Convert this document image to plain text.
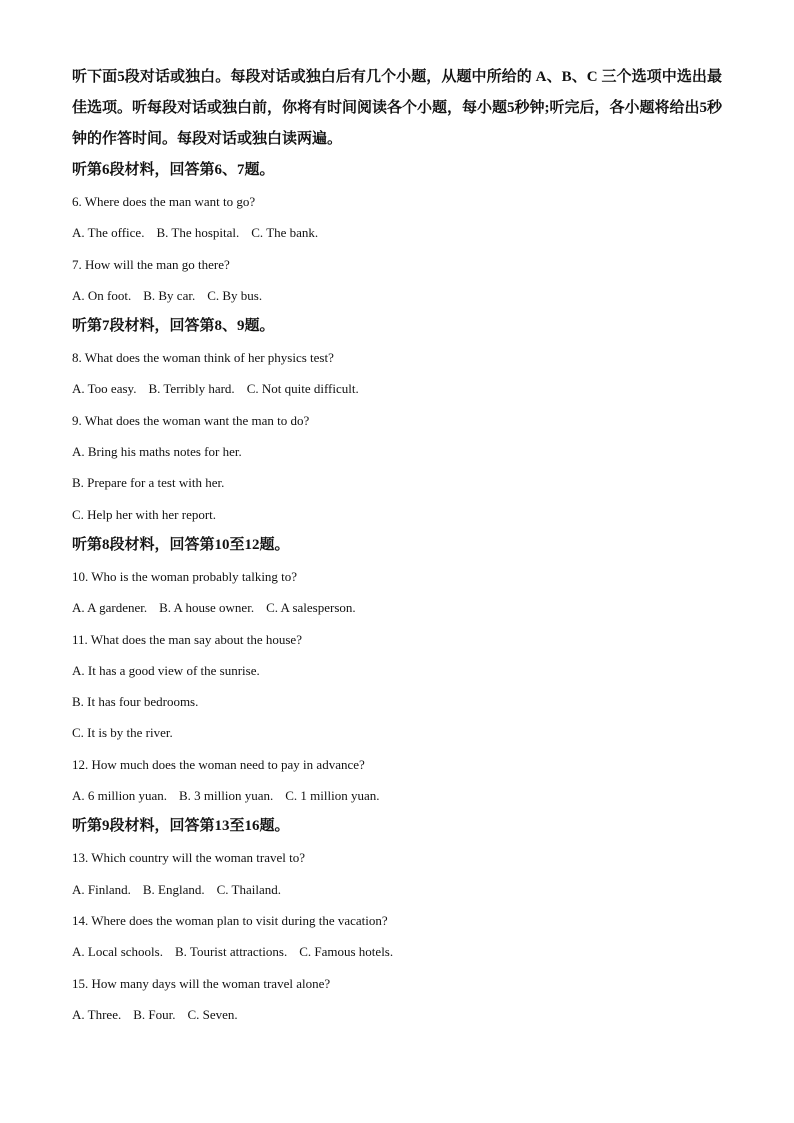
听下面5段对话或独白。每段对话或独白后有几个小题，从题中所给的 A、B、C 三个选项中选出最佳选项。听每段对话或独白前，你将有时间阅读各个小题，每小题5秒钟;听完后，各小题将给出5秒钟的作答时间。每段对话或独白读两遍。

听第6段材料，回答第6、7题。
6. Where does the man want to go?
A. The office. B. The hospital. C. The bank.
7. How will the man go there?
A. On foot. B. By car. C. By bus.
听第7段材料，回答第8、9题。
8. What does the woman think of her physics test?
A. Too easy. B. Terribly hard. C. Not quite difficult.
9. What does the woman want the man to do?
A. Bring his maths notes for her.
B. Prepare for a test with her.
C. Help her with her report.
听第8段材料，回答第10至12题。
10. Who is the woman probably talking to?
A. A gardener. B. A house owner. C. A salesperson.
11. What does the man say about the house?
A. It has a good view of the sunrise.
B. It has four bedrooms.
C. It is by the river.
12. How much does the woman need to pay in advance?
A. 6 million yuan. B. 3 million yuan. C. 1 million yuan.
听第9段材料，回答第13至16题。
13. Which country will the woman travel to?
A. Finland. B. England. C. Thailand.
14. Where does the woman plan to visit during the vacation?
A. Local schools. B. Tourist attractions. C. Famous hotels.
15. How many days will the woman travel alone?
A. Three. B. Four. C. Seven.
